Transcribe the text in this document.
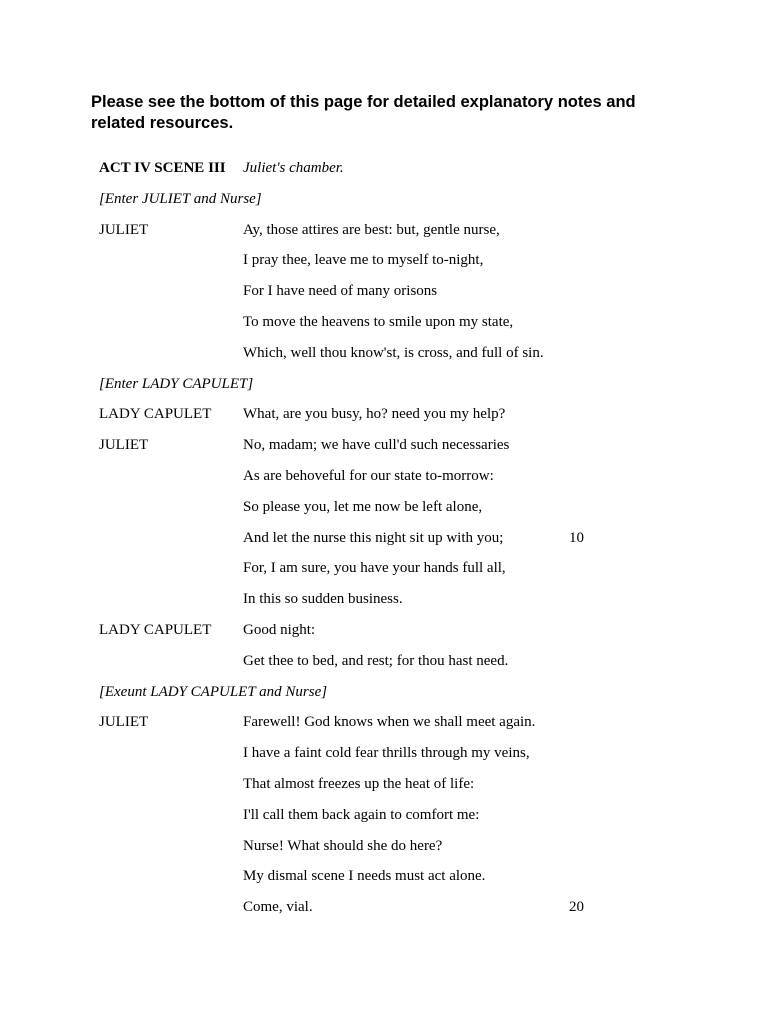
Please see the bottom of this page for detailed explanatory notes and related resources.
ACT IV SCENE III Juliet's chamber.
[Enter JULIET and Nurse]
JULIET	Ay, those attires are best: but, gentle nurse,
I pray thee, leave me to myself to-night,
For I have need of many orisons
To move the heavens to smile upon my state,
Which, well thou know'st, is cross, and full of sin.
[Enter LADY CAPULET]
LADY CAPULET What, are you busy, ho? need you my help?
JULIET	No, madam; we have cull'd such necessaries
As are behoveful for our state to-morrow:
So please you, let me now be left alone,
And let the nurse this night sit up with you;	10
For, I am sure, you have your hands full all,
In this so sudden business.
LADY CAPULET Good night:
Get thee to bed, and rest; for thou hast need.
[Exeunt LADY CAPULET and Nurse]
JULIET	Farewell! God knows when we shall meet again.
I have a faint cold fear thrills through my veins,
That almost freezes up the heat of life:
I'll call them back again to comfort me:
Nurse! What should she do here?
My dismal scene I needs must act alone.
Come, vial.	20
